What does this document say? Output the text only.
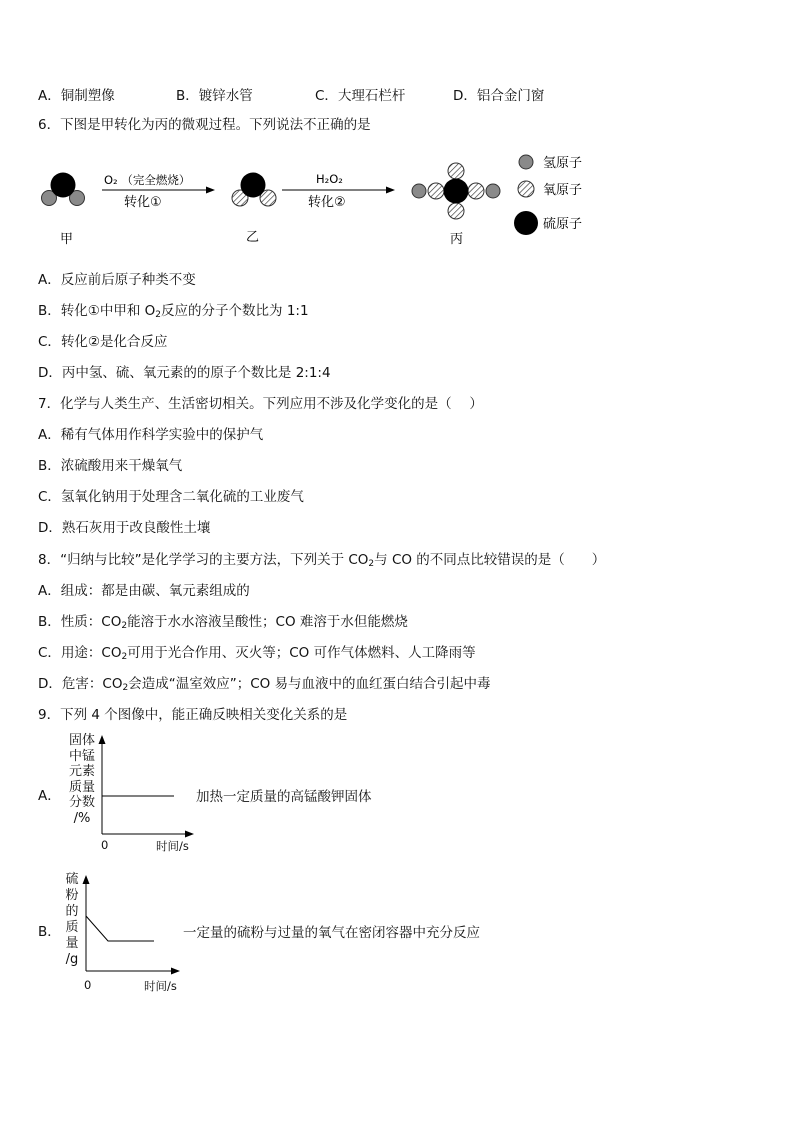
A．铜制塑像	B．镀锌水管	C．大理石栏杆	D．铝合金门窗
6．下图是甲转化为丙的微观过程。下列说法不正确的是
甲
O₂ （完全燃烧）
转化①
乙
H₂O₂
转化②
丙
氢原子
氧原子
硫原子
A．反应前后原子种类不变
B．转化①中甲和 $O_2$反应的分子个数比为 1:1
C．转化②是化合反应
D．丙中氢、硫、氧元素的的原子个数比是 2:1:4
7．化学与人类生产、生活密切相关。下列应用不涉及化学变化的是（　 ）
A．稀有气体用作科学实验中的保护气
B．浓硫酸用来干燥氧气
C．氢氧化钠用于处理含二氧化硫的工业废气
D．熟石灰用于改良酸性土壤
8．“归纳与比较”是化学学习的主要方法，下列关于 $CO_2$与 CO 的不同点比较错误的是（　　）
A．组成：都是由碳、氧元素组成的
B．性质：$CO_2$能溶于水水溶液呈酸性；CO 难溶于水但能燃烧
C．用途：$CO_2$可用于光合作用、灭火等；CO 可作气体燃料、人工降雨等
D．危害：$CO_2$会造成“温室效应”；CO 易与血液中的血红蛋白结合引起中毒
9．下列 4 个图像中，能正确反映相关变化关系的是
A．
固体
中锰
元素
质量
分数
/%
0	时间/s
加热一定质量的高锰酸钾固体
B．
硫
粉
的
质
量
/g
0	时间/s
一定量的硫粉与过量的氧气在密闭容器中充分反应
